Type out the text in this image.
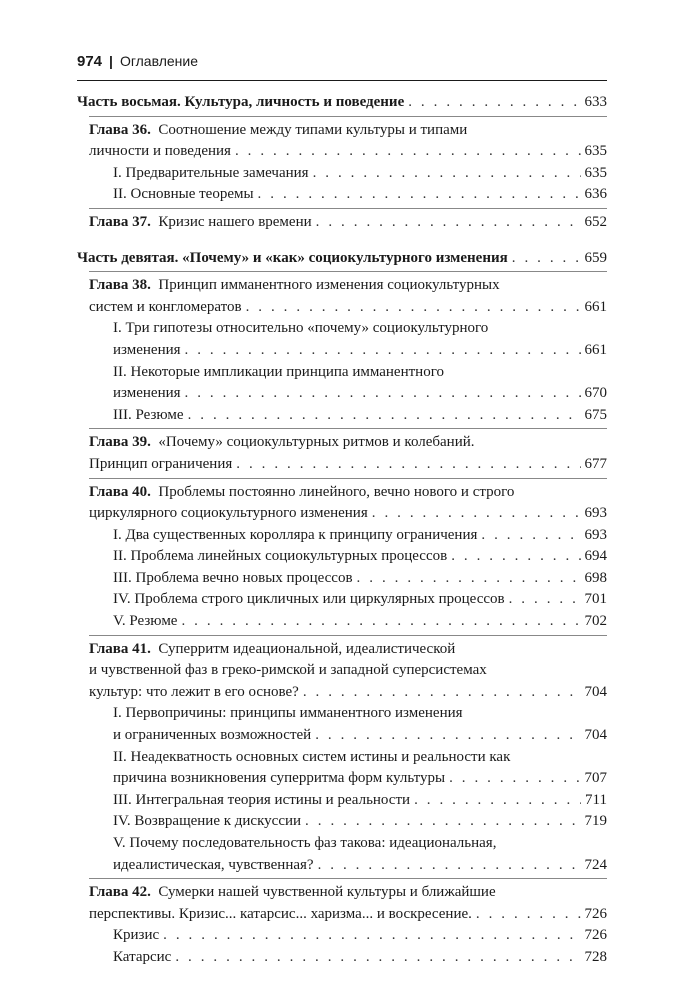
974 | Оглавление
Часть восьмая. Культура, личность и поведение . . .	633
Глава 36. Соотношение между типами культуры и типами
личности и поведения . . .	635
I. Предварительные замечания . . .	635
II. Основные теоремы . . .	636
Глава 37. Кризис нашего времени . . .	652
Часть девятая. «Почему» и «как» социокультурного изменения . . .	659
Глава 38. Принцип имманентного изменения социокультурных
систем и конгломератов . . .	661
I. Три гипотезы относительно «почему» социокультурного
изменения . . .	661
II. Некоторые импликации принципа имманентного
изменения . . .	670
III. Резюме . . .	675
Глава 39. «Почему» социокультурных ритмов и колебаний.
Принцип ограничения . . .	677
Глава 40. Проблемы постоянно линейного, вечно нового и строго
циркулярного социокультурного изменения . . .	693
I. Два существенных королляра к принципу ограничения . . .	693
II. Проблема линейных социокультурных процессов . . .	694
III. Проблема вечно новых процессов . . .	698
IV. Проблема строго цикличных или циркулярных процессов . . .	701
V. Резюме . . .	702
Глава 41. Суперритм идеациональной, идеалистической
и чувственной фаз в греко-римской и западной суперсистемах
культур: что лежит в его основе? . . .	704
I. Первопричины: принципы имманентного изменения
и ограниченных возможностей . . .	704
II. Неадекватность основных систем истины и реальности как
причина возникновения суперритма форм культуры . . .	707
III. Интегральная теория истины и реальности . . .	711
IV. Возвращение к дискуссии . . .	719
V. Почему последовательность фаз такова: идеациональная,
идеалистическая, чувственная? . . .	724
Глава 42. Сумерки нашей чувственной культуры и ближайшие
перспективы. Кризис... катарсис... харизма... и воскресение. . . .	726
Кризис . . .	726
Катарсис . . .	728
